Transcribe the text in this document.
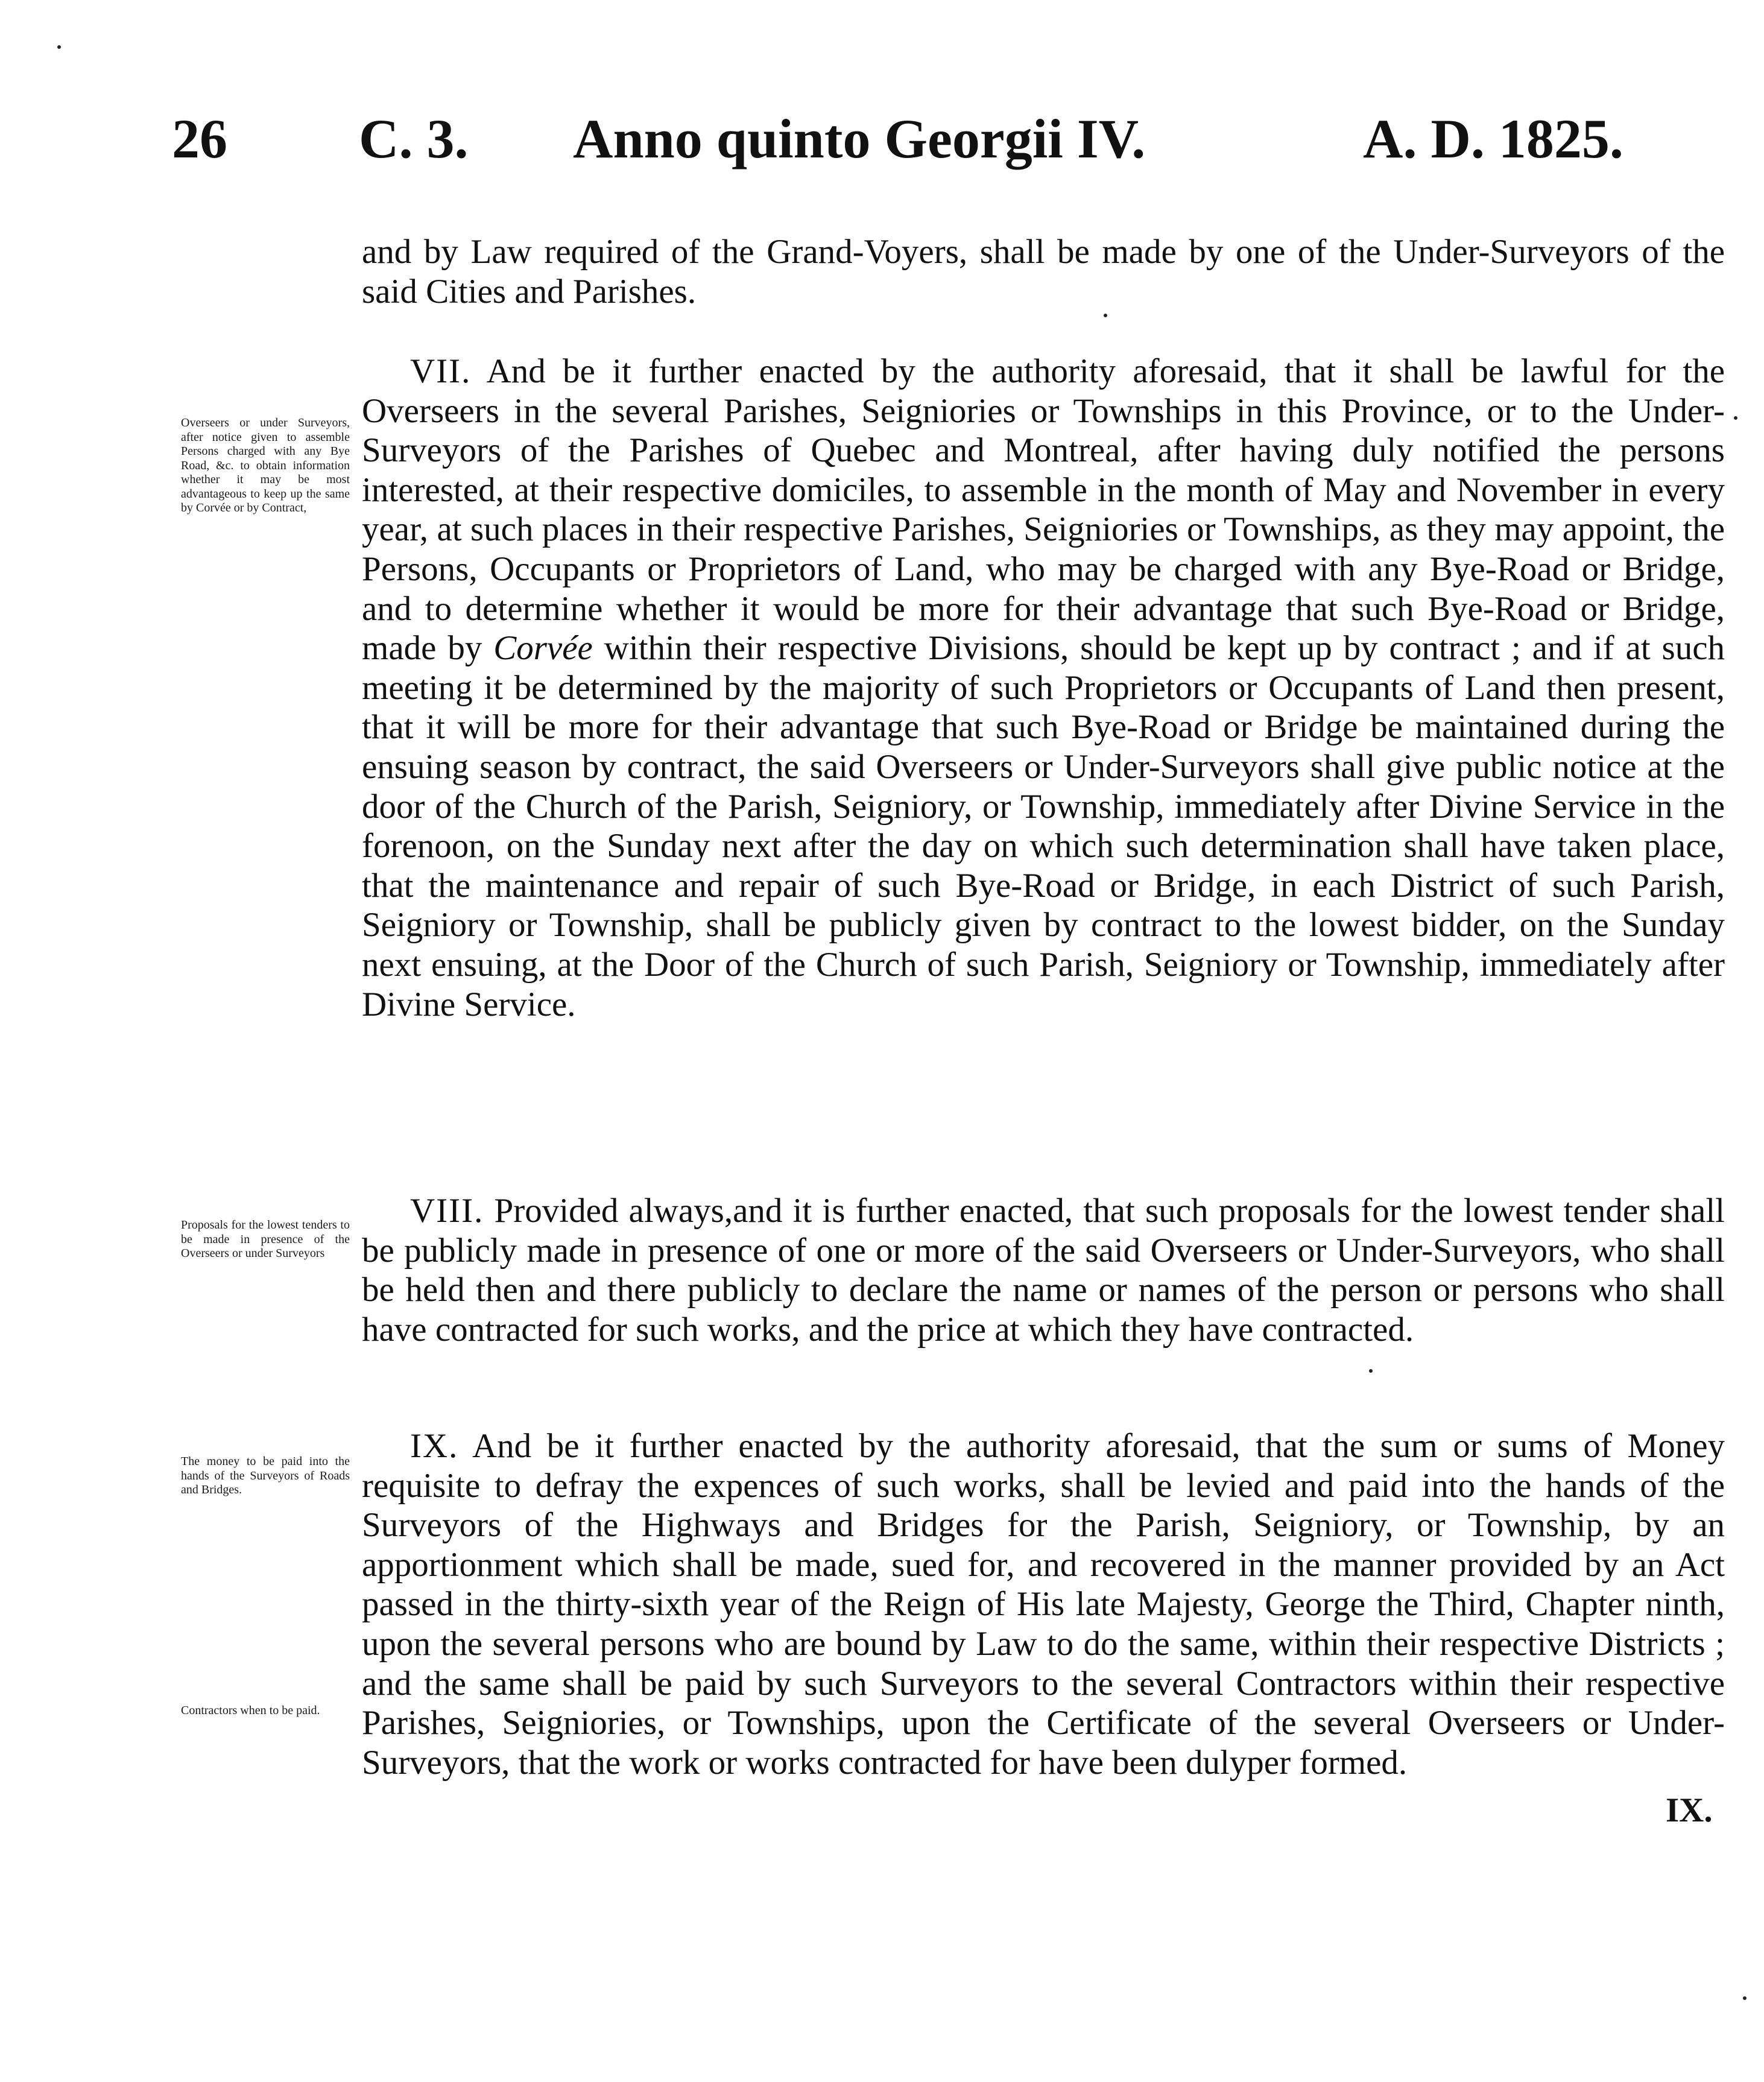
26 C. 3. Anno quinto Georgii IV.	A. D. 1825.

and by Law required of the Grand-Voyers, shall be made by one of the Under-Surveyors of the said Cities and Parishes.

VII. And be it further enacted by the authority aforesaid, that it shall be lawful for the Overseers in the several Parishes, Seigniories or Townships in this Province, or to the Under-Surveyors of the Parishes of Quebec and Montreal, after having duly notified the persons interested, at their respective domiciles, to assemble in the month of May and November in every year, at such places in their respective Parishes, Seigniories or Townships, as they may appoint, the Persons, Occupants or Proprietors of Land, who may be charged with any Bye-Road or Bridge, and to determine whether it would be more for their advantage that such Bye-Road or Bridge, made by Corvée within their respective Divisions, should be kept up by contract ; and if at such meeting it be determined by the majority of such Proprietors or Occupants of Land then present, that it will be more for their advantage that such Bye-Road or Bridge be maintained during the ensuing season by contract, the said Overseers or Under-Surveyors shall give public notice at the door of the Church of the Parish, Seigniory, or Township, immediately after Divine Service in the forenoon, on the Sunday next after the day on which such determination shall have taken place, that the maintenance and repair of such Bye-Road or Bridge, in each District of such Parish, Seigniory or Township, shall be publicly given by contract to the lowest bidder, on the Sunday next ensuing, at the Door of the Church of such Parish, Seigniory or Township, immediately after Divine Service.

VIII. Provided always,and it is further enacted, that such proposals for the lowest tender shall be publicly made in presence of one or more of the said Overseers or Under-Surveyors, who shall be held then and there publicly to declare the name or names of the person or persons who shall have contracted for such works, and the price at which they have contracted.

IX. And be it further enacted by the authority aforesaid, that the sum or sums of Money requisite to defray the expences of such works, shall be levied and paid into the hands of the Surveyors of the Highways and Bridges for the Parish, Seigniory, or Township, by an apportionment which shall be made, sued for, and recovered in the manner provided by an Act passed in the thirty-sixth year of the Reign of His late Majesty, George the Third, Chapter ninth, upon the several persons who are bound by Law to do the same, within their respective Districts ; and the same shall be paid by such Surveyors to the several Contractors within their respective Parishes, Seigniories, or Townships, upon the Certificate of the several Overseers or Under-Surveyors, that the work or works contracted for have been dulyper formed.

IX.

Overseers or under Surveyors, after notice given to assemble Persons charged with any Bye Road, &c. to obtain information whether it may be most advantageous to keep up the same by Corvée or by Contract,

Proposals for the lowest tenders to be made in presence of the Overseers or under Surveyors

The money to be paid into the hands of the Surveyors of Roads and Bridges.

Contractors when to be paid.
